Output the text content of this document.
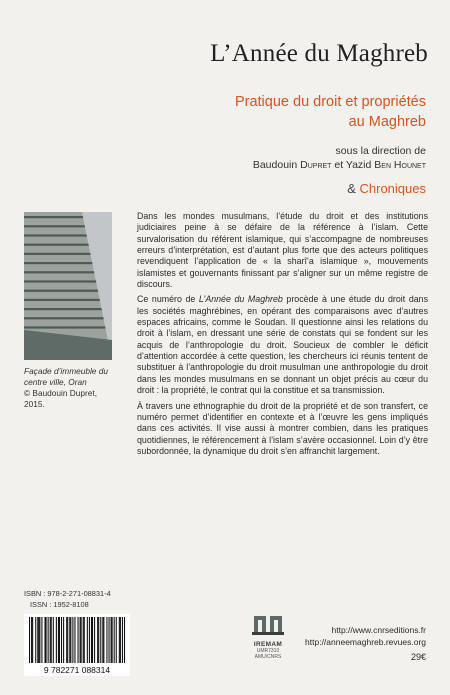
L’Année du Maghreb
Pratique du droit et propriétés
au Maghreb
sous la direction de
Baudouin Dupret et Yazid Ben Hounet
& Chroniques
Façade d’immeuble du centre ville, Oran
© Baudouin Dupret, 2015.

Dans les mondes musulmans, l’étude du droit et des institutions judiciaires peine à se défaire de la référence à l’islam. Cette survalorisation du référent islamique, qui s’accompagne de nombreuses erreurs d’interprétation, est d’autant plus forte que des acteurs politiques revendiquent l’application de « la sharî‘a islamique », mouvements islamistes et gouvernants finissant par s’aligner sur un même registre de discours.

Ce numéro de L’Année du Maghreb procède à une étude du droit dans les sociétés maghrébines, en opérant des comparaisons avec d’autres espaces africains, comme le Soudan. Il questionne ainsi les relations du droit à l’islam, en dressant une série de constats qui se fondent sur les acquis de l’anthropologie du droit. Soucieux de combler le déficit d’attention accordée à cette question, les chercheurs ici réunis tentent de substituer à l’anthropologie du droit musulman une anthropologie du droit dans les mondes musulmans en se donnant un objet précis au cœur du droit : la propriété, le contrat qui la constitue et sa transmission.

À travers une ethnographie du droit de la propriété et de son transfert, ce numéro permet d’identifier en contexte et à l’œuvre les gens impliqués dans ces activités. Il vise aussi à montrer combien, dans les pratiques quotidiennes, le référencement à l’islam s’avère occasionnel. Loin d’y être subordonnée, la dynamique du droit s’en affranchit largement.

ISBN : 978-2-271-08831-4
ISSN : 1952-8108
9 782271 088314
IREMAM
UMR7310
AMU/CNRS
http://www.cnrseditions.fr
http://anneemaghreb.revues.org
29€
